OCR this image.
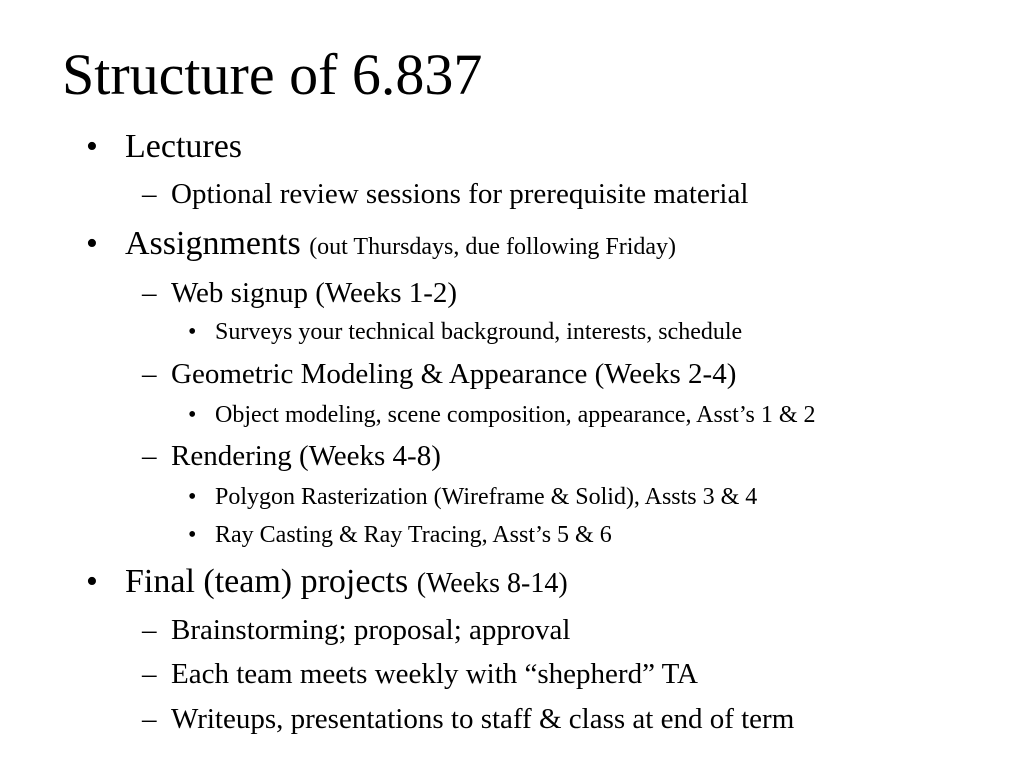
Structure of 6.837
• Lectures
– Optional review sessions for prerequisite material
• Assignments (out Thursdays, due following Friday)
– Web signup (Weeks 1-2)
• Surveys your technical background, interests, schedule
– Geometric Modeling & Appearance (Weeks 2-4)
• Object modeling, scene composition, appearance, Asst’s 1 & 2
– Rendering (Weeks 4-8)
• Polygon Rasterization (Wireframe & Solid), Assts 3 & 4
• Ray Casting & Ray Tracing, Asst’s 5 & 6
• Final (team) projects (Weeks 8-14)
– Brainstorming; proposal; approval
– Each team meets weekly with “shepherd” TA
– Writeups, presentations to staff & class at end of term
